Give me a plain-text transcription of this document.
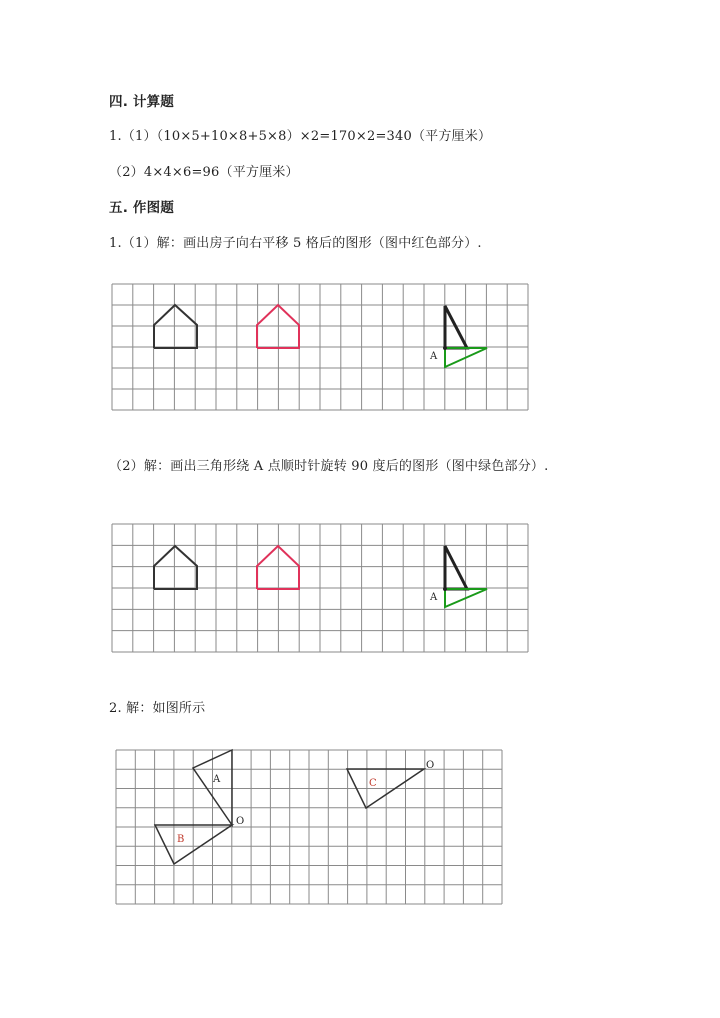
四. 计算题
1.（1）（10×5+10×8+5×8）×2=170×2=340（平方厘米）
（2）4×4×6=96（平方厘米）
五. 作图题
1.（1）解：画出房子向右平移 5 格后的图形（图中红色部分）.
（2）解：画出三角形绕 A 点顺时针旋转 90 度后的图形（图中绿色部分）.
2. 解：如图所示
A
A
A
B
C
O
O
